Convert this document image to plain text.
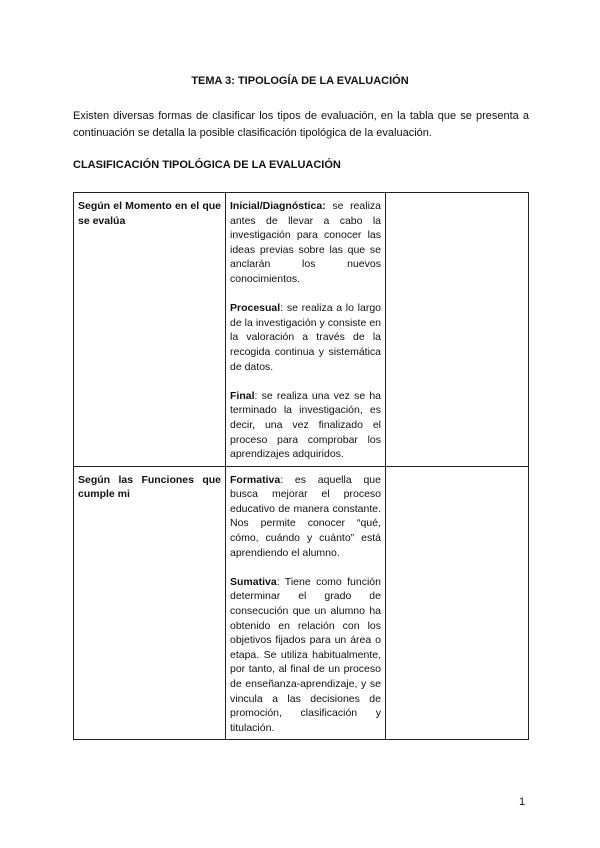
TEMA 3: TIPOLOGÍA DE LA EVALUACIÓN
Existen diversas formas de clasificar los tipos de evaluación, en la tabla que se presenta a continuación se detalla la posible clasificación tipológica de la evaluación.
CLASIFICACIÓN TIPOLÓGICA DE LA EVALUACIÓN
Según el Momento en el que se evalúa	Inicial/Diagnóstica: se realiza antes de llevar a cabo la investigación para conocer las ideas previas sobre las que se anclarán los nuevos conocimientos.

Procesual: se realiza a lo largo de la investigación y consiste en la valoración a través de la recogida continua y sistemática de datos.

Final: se realiza una vez se ha terminado la investigación, es decir, una vez finalizado el proceso para comprobar los aprendizajes adquiridos.	

Según las Funciones que cumple mi	Formativa: es aquella que busca mejorar el proceso educativo de manera constante. Nos permite conocer “qué, cómo, cuándo y cuánto” está aprendiendo el alumno.

Sumativa: Tiene como función determinar el grado de consecución que un alumno ha obtenido en relación con los objetivos fijados para un área o etapa. Se utiliza habitualmente, por tanto, al final de un proceso de enseñanza-aprendizaje, y se vincula a las decisiones de promoción, clasificación y titulación.	

1
